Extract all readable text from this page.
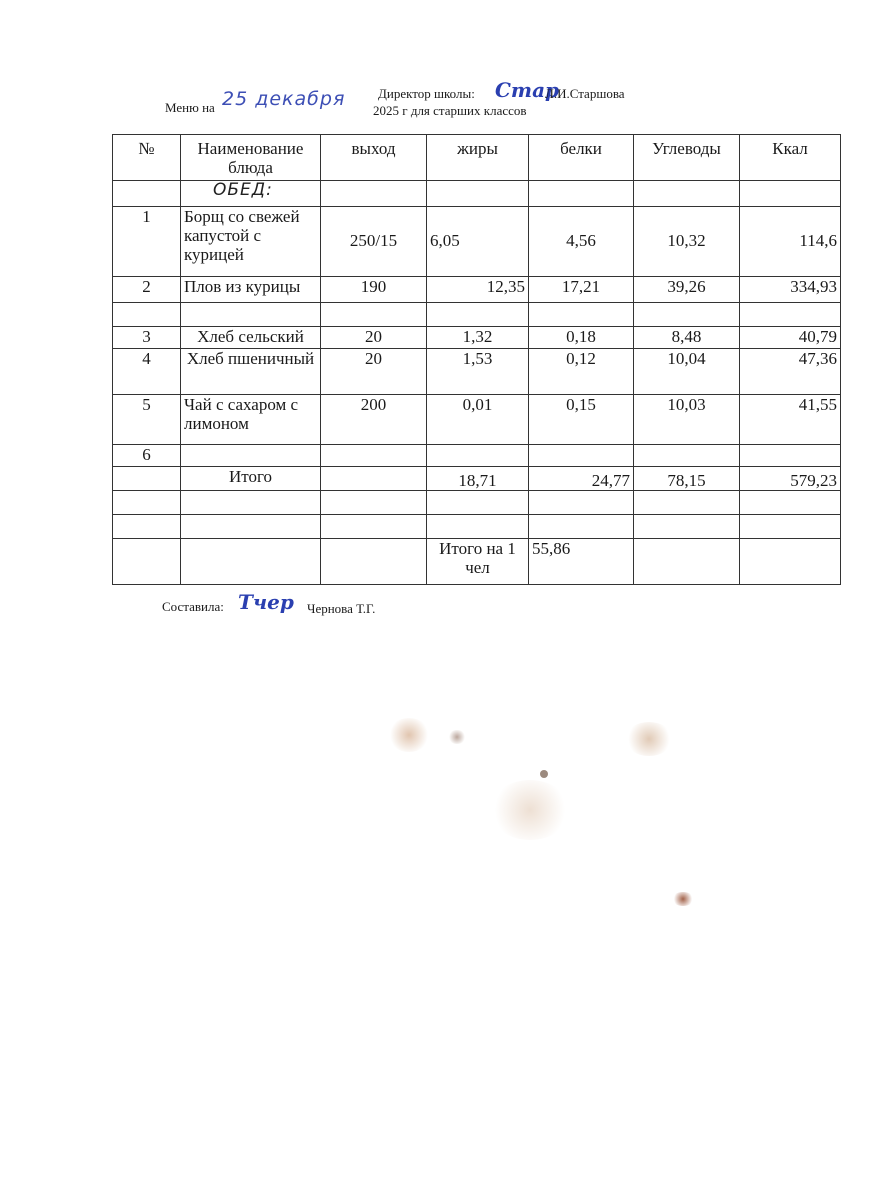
Меню на 25 декабря	Директор школы: Стар
Л.И.Старшова
2025 г для старших классов
№	Наименование блюда	выход	жиры	белки	Углеводы	Ккал
	ОБЕД:					
1	Борщ со свежей капустой с курицей	250/15	6,05	4,56	10,32	114,6
2	Плов из курицы	190	12,35	17,21	39,26	334,93

3	Хлеб сельский	20	1,32	0,18	8,48	40,79
4	Хлеб пшеничный	20	1,53	0,12	10,04	47,36
5	Чай с сахаром с лимоном	200	0,01	0,15	10,03	41,55
6						
	Итого		18,71	24,77	78,15	579,23

			Итого на 1 чел	55,86		
Составила: Тчер Чернова Т.Г.
